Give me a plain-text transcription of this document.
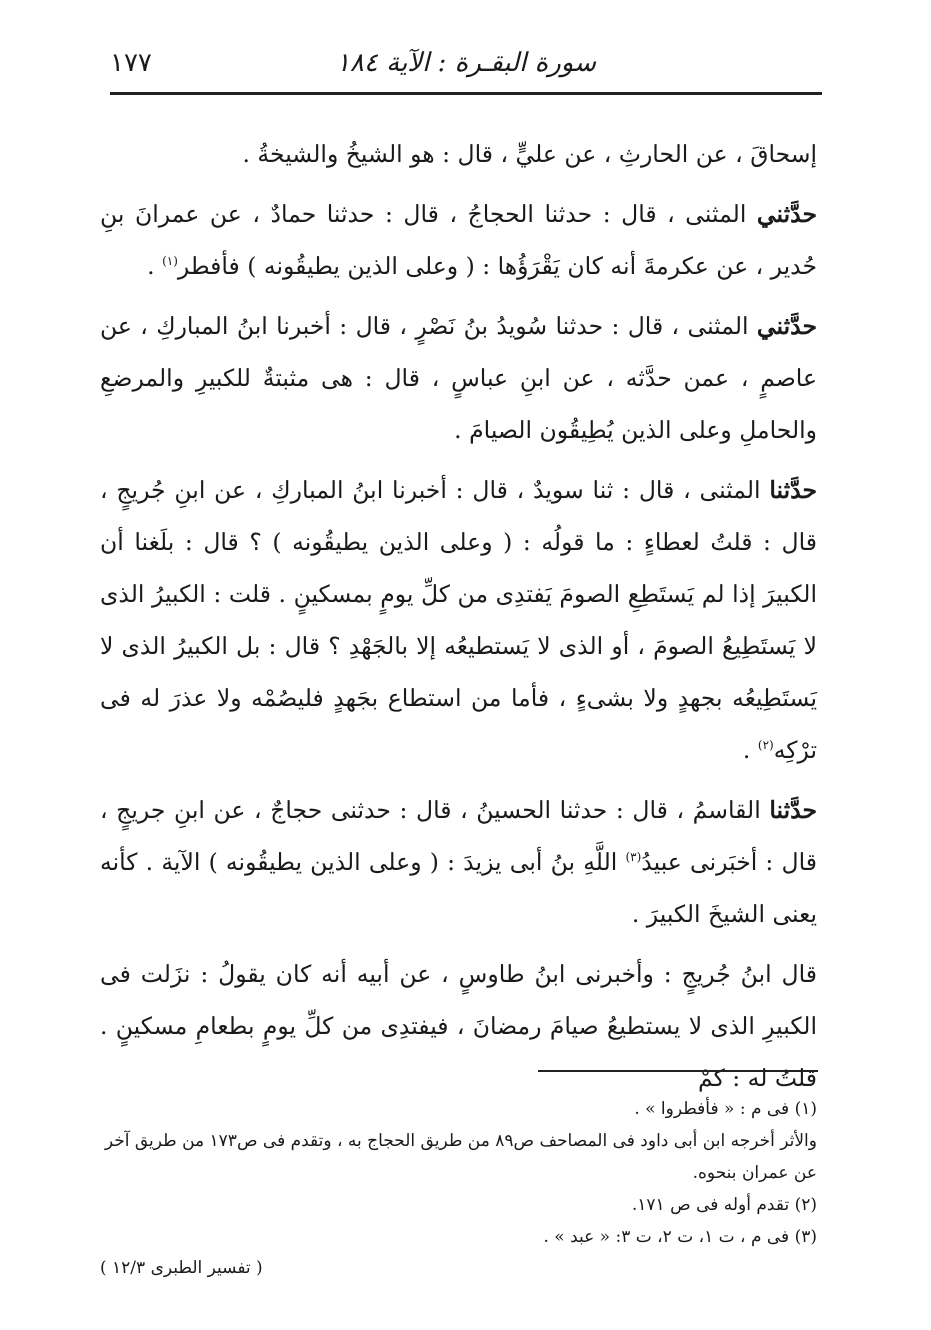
١٧٧	سورة البقـرة : الآية ١٨٤

إسحاقَ ، عن الحارثِ ، عن عليٍّ ، قال : هو الشيخُ والشيخةُ .

حدَّثني المثنى ، قال : حدثنا الحجاجُ ، قال : حدثنا حمادٌ ، عن عمرانَ بنِ حُدير ، عن عكرمةَ أنه كان يَقْرَؤُها : ( وعلى الذين يطيقُونه ) فأفطر$^{(١)}$ .

حدَّثني المثنى ، قال : حدثنا سُويدُ بنُ نَصْرٍ ، قال : أخبرنا ابنُ المباركِ ، عن عاصمٍ ، عمن حدَّثه ، عن ابنِ عباسٍ ، قال : هى مثبتةٌ للكبيرِ والمرضعِ والحاملِ وعلى الذين يُطِيقُون الصيامَ .

حدَّثنا المثنى ، قال : ثنا سويدٌ ، قال : أخبرنا ابنُ المباركِ ، عن ابنِ جُريجٍ ، قال : قلتُ لعطاءٍ : ما قولُه : ( وعلى الذين يطيقُونه ) ؟ قال : بلَغنا أن الكبيرَ إذا لم يَستَطِعِ الصومَ يَفتدِى من كلِّ يومٍ بمسكينٍ . قلت : الكبيرُ الذى لا يَستَطِيعُ الصومَ ، أو الذى لا يَستطيعُه إلا بالجَهْدِ ؟ قال : بل الكبيرُ الذى لا يَستَطِيعُه بجهدٍ ولا بشىءٍ ، فأما من استطاع بجَهدٍ فليصُمْه ولا عذرَ له فى ترْكِه$^{(٢)}$ .

حدَّثنا القاسمُ ، قال : حدثنا الحسينُ ، قال : حدثنى حجاجٌ ، عن ابنِ جريجٍ ، قال : أخبَرنى عبيدُ$^{(٣)}$ اللَّهِ بنُ أبى يزيدَ : ( وعلى الذين يطيقُونه ) الآية . كأنه يعنى الشيخَ الكبيرَ .

قال ابنُ جُريجٍ : وأخبرنى ابنُ طاوسٍ ، عن أبيه أنه كان يقولُ : نزَلت فى الكبيرِ الذى لا يستطيعُ صيامَ رمضانَ ، فيفتدِى من كلِّ يومٍ بطعامِ مسكينٍ . قلتُ له : كمْ

(١) فى م : « فأفطروا » .

والأثر أخرجه ابن أبى داود فى المصاحف ص٨٩ من طريق الحجاج به ، وتقدم فى ص١٧٣ من طريق آخر

عن عمران بنحوه.

(٢) تقدم أوله فى ص ١٧١.

(٣) فى م ، ت ١، ت ٢، ت ٣: « عبد » .

( تفسير الطبرى ١٢/٣ )
